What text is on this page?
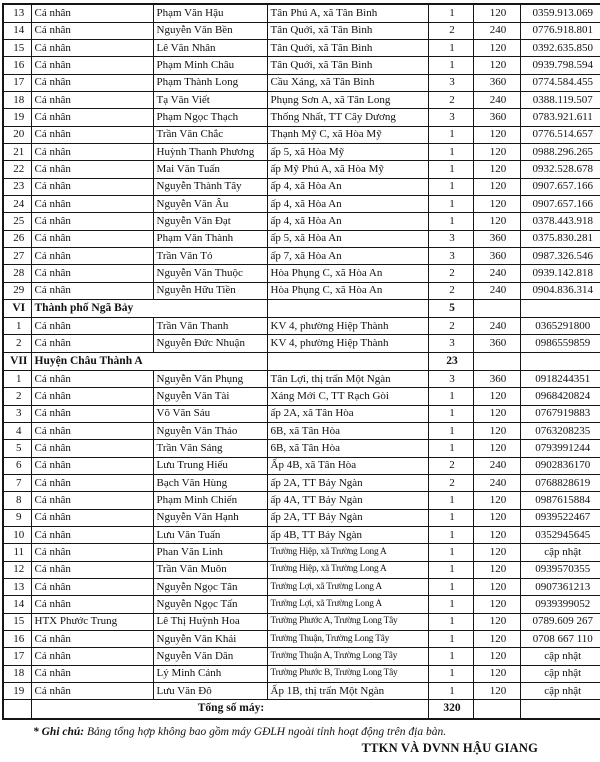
13	Cá nhân	Phạm Văn Hậu	Tân Phú A, xã Tân Bình	1	120	0359.913.069
14	Cá nhân	Nguyễn Văn Bền	Tân Quới, xã Tân Bình	2	240	0776.918.801
15	Cá nhân	Lê Văn Nhân	Tân Quới, xã Tân Bình	1	120	0392.635.850
16	Cá nhân	Phạm Minh Châu	Tân Quới, xã Tân Bình	1	120	0939.798.594
17	Cá nhân	Phạm Thành Long	Cầu Xáng, xã Tân Bình	3	360	0774.584.455
18	Cá nhân	Tạ Văn Viết	Phụng Sơn A, xã Tân Long	2	240	0388.119.507
19	Cá nhân	Phạm Ngọc Thạch	Thống Nhất, TT Cây Dương	3	360	0783.921.611
20	Cá nhân	Trần Văn Chắc	Thạnh Mỹ C, xã Hòa Mỹ	1	120	0776.514.657
21	Cá nhân	Huỳnh Thanh Phương	ấp 5, xã Hòa Mỹ	1	120	0988.296.265
22	Cá nhân	Mai Văn Tuấn	ấp Mỹ Phú A, xã Hòa Mỹ	1	120	0932.528.678
23	Cá nhân	Nguyễn Thành Tây	ấp 4, xã Hòa An	1	120	0907.657.166
24	Cá nhân	Nguyễn Văn Âu	ấp 4, xã Hòa An	1	120	0907.657.166
25	Cá nhân	Nguyễn Văn Đạt	ấp 4, xã Hòa An	1	120	0378.443.918
26	Cá nhân	Phạm Văn Thành	ấp 5, xã Hòa An	3	360	0375.830.281
27	Cá nhân	Trần Văn Tỏ	ấp 7, xã Hòa An	3	360	0987.326.546
28	Cá nhân	Nguyễn Văn Thuộc	Hòa Phụng C, xã Hòa An	2	240	0939.142.818
29	Cá nhân	Nguyễn Hữu Tiền	Hòa Phụng C, xã Hòa An	2	240	0904.836.314
VI	Thành phố Ngã Bảy			5		
1	Cá nhân	Trần Văn Thanh	KV 4, phường Hiệp Thành	2	240	0365291800
2	Cá nhân	Nguyễn Đức Nhuận	KV 4, phường Hiệp Thành	3	360	0986559859
VII	Huyện Châu Thành A			23		
1	Cá nhân	Nguyễn Văn Phụng	Tân Lợi, thị trấn Một Ngàn	3	360	0918244351
2	Cá nhân	Nguyễn Văn Tài	Xáng Mới C, TT Rạch Gòi	1	120	0968420824
3	Cá nhân	Võ Văn Sáu	ấp 2A, xã Tân Hòa	1	120	0767919883
4	Cá nhân	Nguyễn Văn Thảo	6B, xã Tân Hòa	1	120	0763208235
5	Cá nhân	Trần Văn Sáng	6B, xã Tân Hòa	1	120	0793991244
6	Cá nhân	Lưu Trung Hiếu	Ấp 4B, xã Tân Hòa	2	240	0902836170
7	Cá nhân	Bạch Văn Hùng	ấp 2A, TT Bảy Ngàn	2	240	0768828619
8	Cá nhân	Phạm Minh Chiến	ấp 4A, TT Bảy Ngàn	1	120	0987615884
9	Cá nhân	Nguyễn Văn Hạnh	ấp 2A, TT Bảy Ngàn	1	120	0939522467
10	Cá nhân	Lưu Văn Tuấn	ấp 4B, TT Bảy Ngàn	1	120	0352945645
11	Cá nhân	Phan Văn Linh	Trường Hiệp, xã Trường Long A	1	120	cập nhật
12	Cá nhân	Trần Văn Muôn	Trường Hiệp, xã Trường Long A	1	120	0939570355
13	Cá nhân	Nguyễn Ngọc Tân	Trường Lợi, xã Trường Long A	1	120	0907361213
14	Cá nhân	Nguyễn Ngọc Tấn	Trường Lợi, xã Trường Long A	1	120	0939399052
15	HTX Phước Trung	Lê Thị Huỳnh Hoa	Trường Phước A, Trường Long Tây	1	120	0789.609 267
16	Cá nhân	Nguyễn Văn Khải	Trường Thuận, Trường Long Tây	1	120	0708 667 110
17	Cá nhân	Nguyễn Văn Dân	Trường Thuận A, Trường Long Tây	1	120	cập nhật
18	Cá nhân	Lý Minh Cảnh	Trường Phước B, Trường Long Tây	1	120	cập nhật
19	Cá nhân	Lưu Văn Đô	Ấp 1B, thị trấn Một Ngàn	1	120	cập nhật
	Tổng số máy:			320		
* Ghi chú: Bảng tổng hợp không bao gồm máy GĐLH ngoài tỉnh hoạt động trên địa bàn.
TTKN VÀ DVNN HẬU GIANG
